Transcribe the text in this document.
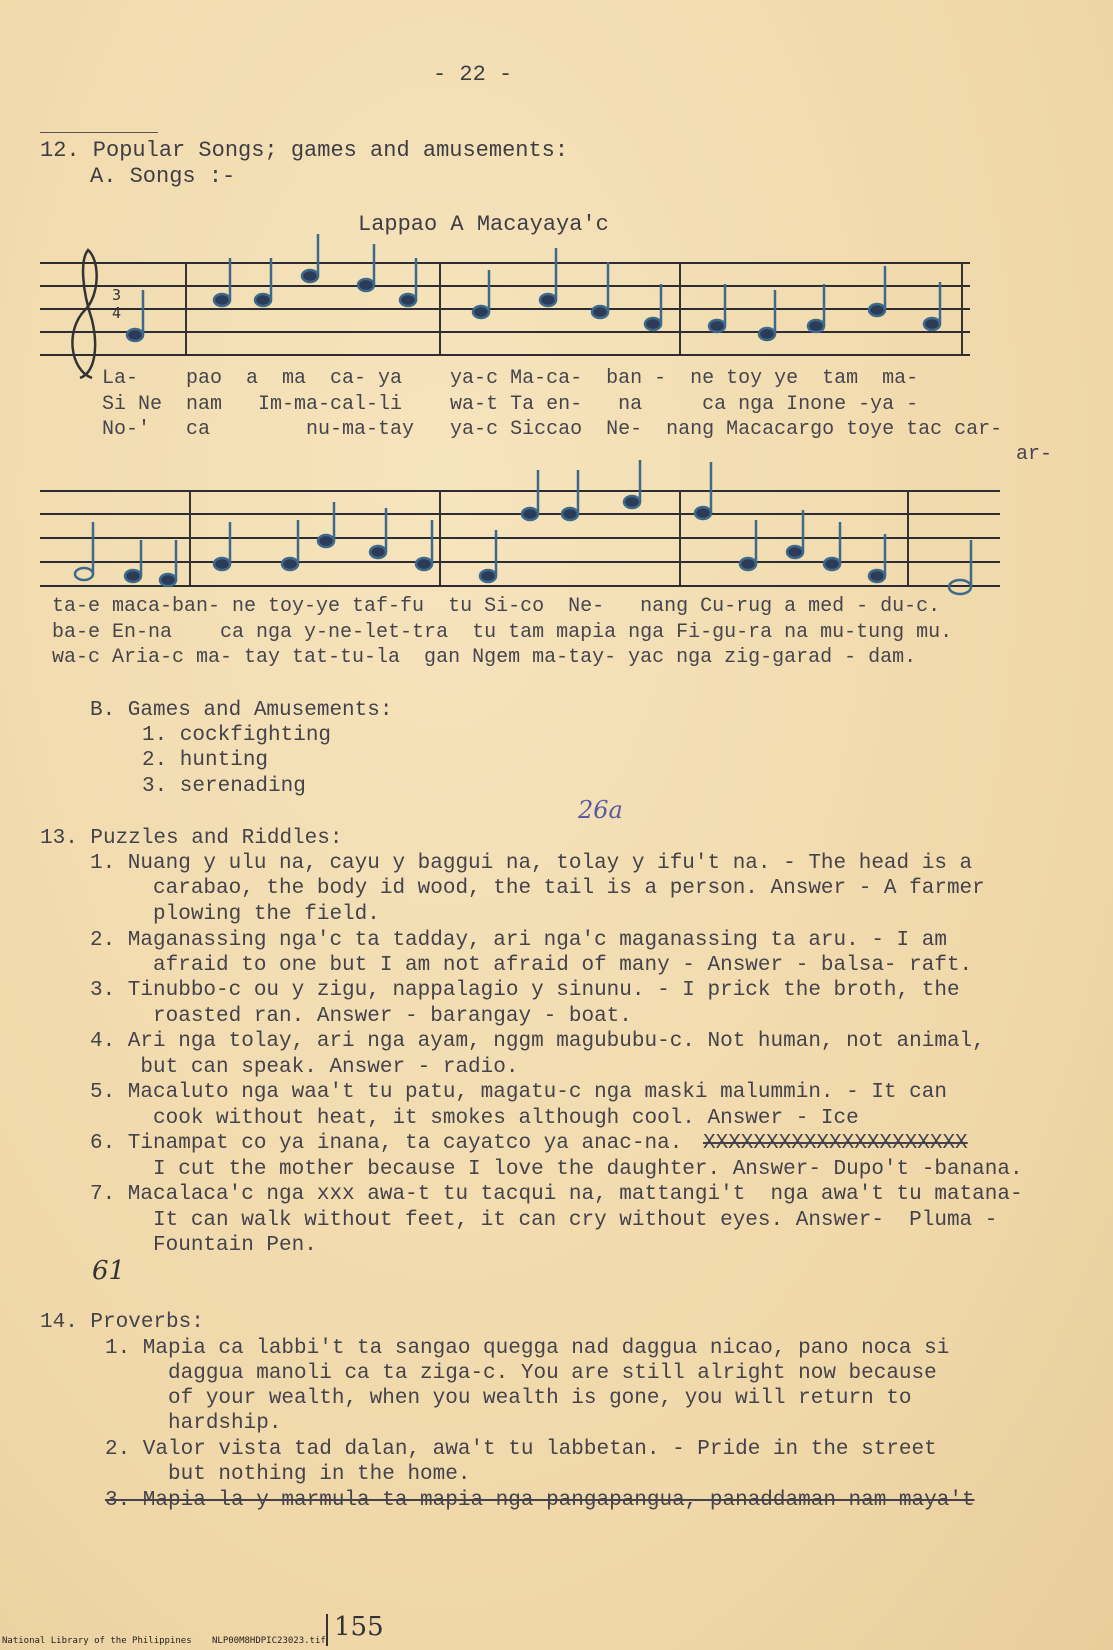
- 22 -
12. Popular Songs; games and amusements:
A. Songs :-
Lappao A Macayaya'c
3
4
La-    pao  a  ma  ca- ya    ya-c Ma-ca-  ban -  ne toy ye  tam  ma-
Si Ne  nam   Im-ma-cal-li    wa-t Ta en-   na     ca nga Inone -ya -
No-'   ca        nu-ma-tay   ya-c Siccao  Ne-  nang Macacargo toye tac car-
ar-
ta-e maca-ban- ne toy-ye taf-fu  tu Si-co  Ne-   nang Cu-rug a med - du-c.
ba-e En-na    ca nga y-ne-let-tra  tu tam mapia nga Fi-gu-ra na mu-tung mu.
wa-c Aria-c ma- tay tat-tu-la  gan Ngem ma-tay- yac nga zig-garad - dam.
B. Games and Amusements:
1. cockfighting
2. hunting
3. serenading
26a
13. Puzzles and Riddles:
1. Nuang y ulu na, cayu y baggui na, tolay y ifu't na. - The head is a
carabao, the body id wood, the tail is a person. Answer - A farmer
plowing the field.
2. Maganassing nga'c ta tadday, ari nga'c maganassing ta aru. - I am
afraid to one but I am not afraid of many - Answer - balsa- raft.
3. Tinubbo-c ou y zigu, nappalagio y sinunu. - I prick the broth, the
roasted ran. Answer - barangay - boat.
4. Ari nga tolay, ari nga ayam, nggm magububu-c. Not human, not animal,
but can speak. Answer - radio.
5. Macaluto nga waa't tu patu, magatu-c nga maski malummin. - It can
cook without heat, it smokes although cool. Answer - Ice
6. Tinampat co ya inana, ta cayatco ya anac-na. XXXXXXXXXXXXXXXXXXXXX
I cut the mother because I love the daughter. Answer- Dupo't -banana.
7. Macalaca'c nga xxx awa-t tu tacqui na, mattangi't  nga awa't tu matana-
It can walk without feet, it can cry without eyes. Answer-  Pluma -
Fountain Pen.
61
14. Proverbs:
1. Mapia ca labbi't ta sangao quegga nad daggua nicao, pano noca si
daggua manoli ca ta ziga-c. You are still alright now because
of your wealth, when you wealth is gone, you will return to
hardship.
2. Valor vista tad dalan, awa't tu labbetan. - Pride in the street
but nothing in the home.
3. Mapia la y marmula ta mapia nga pangapangua, panaddaman nam maya't
National Library of the Philippines NLP00M8HDPIC23023.tif 155
